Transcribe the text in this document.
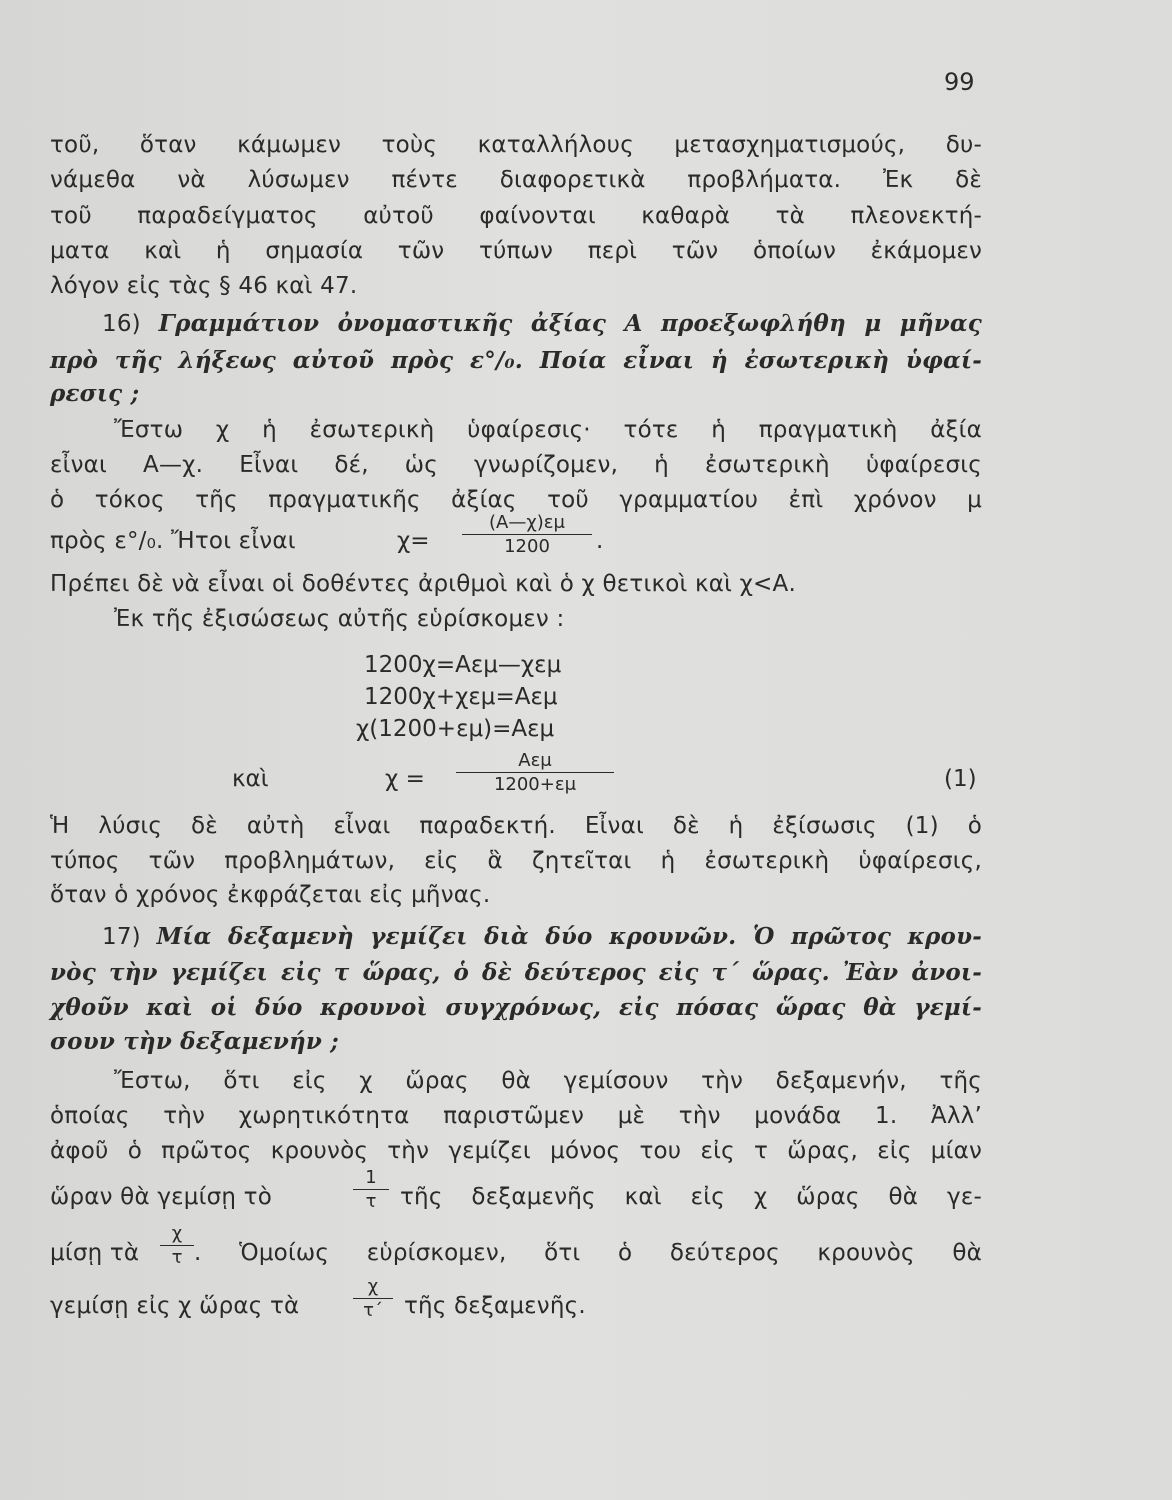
99
τοῦ, ὅταν κάμωμεν τοὺς καταλλήλους μετασχηματισμούς, δυ-
νάμεθα νὰ λύσωμεν πέντε διαφορετικὰ προβλήματα. Ἐκ δὲ
τοῦ παραδείγματος αὐτοῦ φαίνονται καθαρὰ τὰ πλεονεκτή-
ματα καὶ ἡ σημασία τῶν τύπων περὶ τῶν ὁποίων ἐκάμομεν
λόγον εἰς τὰς § 46 καὶ 47.
16) Γραμμάτιον ὀνομαστικῆς ἀξίας Α προεξωφλήθη μ μῆνας
πρὸ τῆς λήξεως αὐτοῦ πρὸς ε°/₀. Ποία εἶναι ἡ ἐσωτερικὴ ὑφαί-
ρεσις ;
Ἔστω χ ἡ ἐσωτερικὴ ὑφαίρεσις· τότε ἡ πραγματικὴ ἀξία
εἶναι Α—χ. Εἶναι δέ, ὡς γνωρίζομεν, ἡ ἐσωτερικὴ ὑφαίρεσις
ὁ τόκος τῆς πραγματικῆς ἀξίας τοῦ γραμματίου ἐπὶ χρόνον μ
πρὸς ε°/₀. Ἤτοι εἶναι	$\chi= \frac{(A—\chi)\varepsilon\mu}{1200}$ .
Πρέπει δὲ νὰ εἶναι οἱ δοθέντες ἀριθμοὶ καὶ ὁ χ θετικοὶ καὶ χ<Α.
Ἐκ τῆς ἐξισώσεως αὐτῆς εὑρίσκομεν :
1200χ=Αεμ—χεμ
1200χ+χεμ=Αεμ
χ(1200+εμ)=Αεμ
καὶ	χ =
Αεμ
1200+εμ	(1)
Ἡ λύσις δὲ αὐτὴ εἶναι παραδεκτή. Εἶναι δὲ ἡ ἐξίσωσις (1) ὁ
τύπος τῶν προβλημάτων, εἰς ἃ ζητεῖται ἡ ἐσωτερικὴ ὑφαίρεσις,
ὅταν ὁ χρόνος ἐκφράζεται εἰς μῆνας.
17) Μία δεξαμενὴ γεμίζει διὰ δύο κρουνῶν. Ὁ πρῶτος κρου-
νὸς τὴν γεμίζει εἰς τ ὥρας, ὁ δὲ δεύτερος εἰς τ΄ ὥρας. Ἐὰν ἀνοι-
χθοῦν καὶ οἱ δύο κρουνοὶ συγχρόνως, εἰς πόσας ὥρας θὰ γεμί-
σουν τὴν δεξαμενήν ;
Ἔστω, ὅτι εἰς χ ὥρας θὰ γεμίσουν τὴν δεξαμενήν, τῆς
ὁποίας τὴν χωρητικότητα παριστῶμεν μὲ τὴν μονάδα 1. Ἀλλ’
ἀφοῦ ὁ πρῶτος κρουνὸς τὴν γεμίζει μόνος του εἰς τ ὥρας, εἰς μίαν
ὥραν θὰ γεμίσῃ τὸ	$\frac{1}{\tau}$ τῆς δεξαμενῆς καὶ εἰς χ ὥρας θὰ γε-
μίσῃ τὰ $\frac{\chi}{\tau}$ . Ὁμοίως εὑρίσκομεν, ὅτι ὁ δεύτερος κρουνὸς θὰ
γεμίσῃ εἰς χ ὥρας τὰ	$\frac{\chi}{\tau΄}$ τῆς δεξαμενῆς.
